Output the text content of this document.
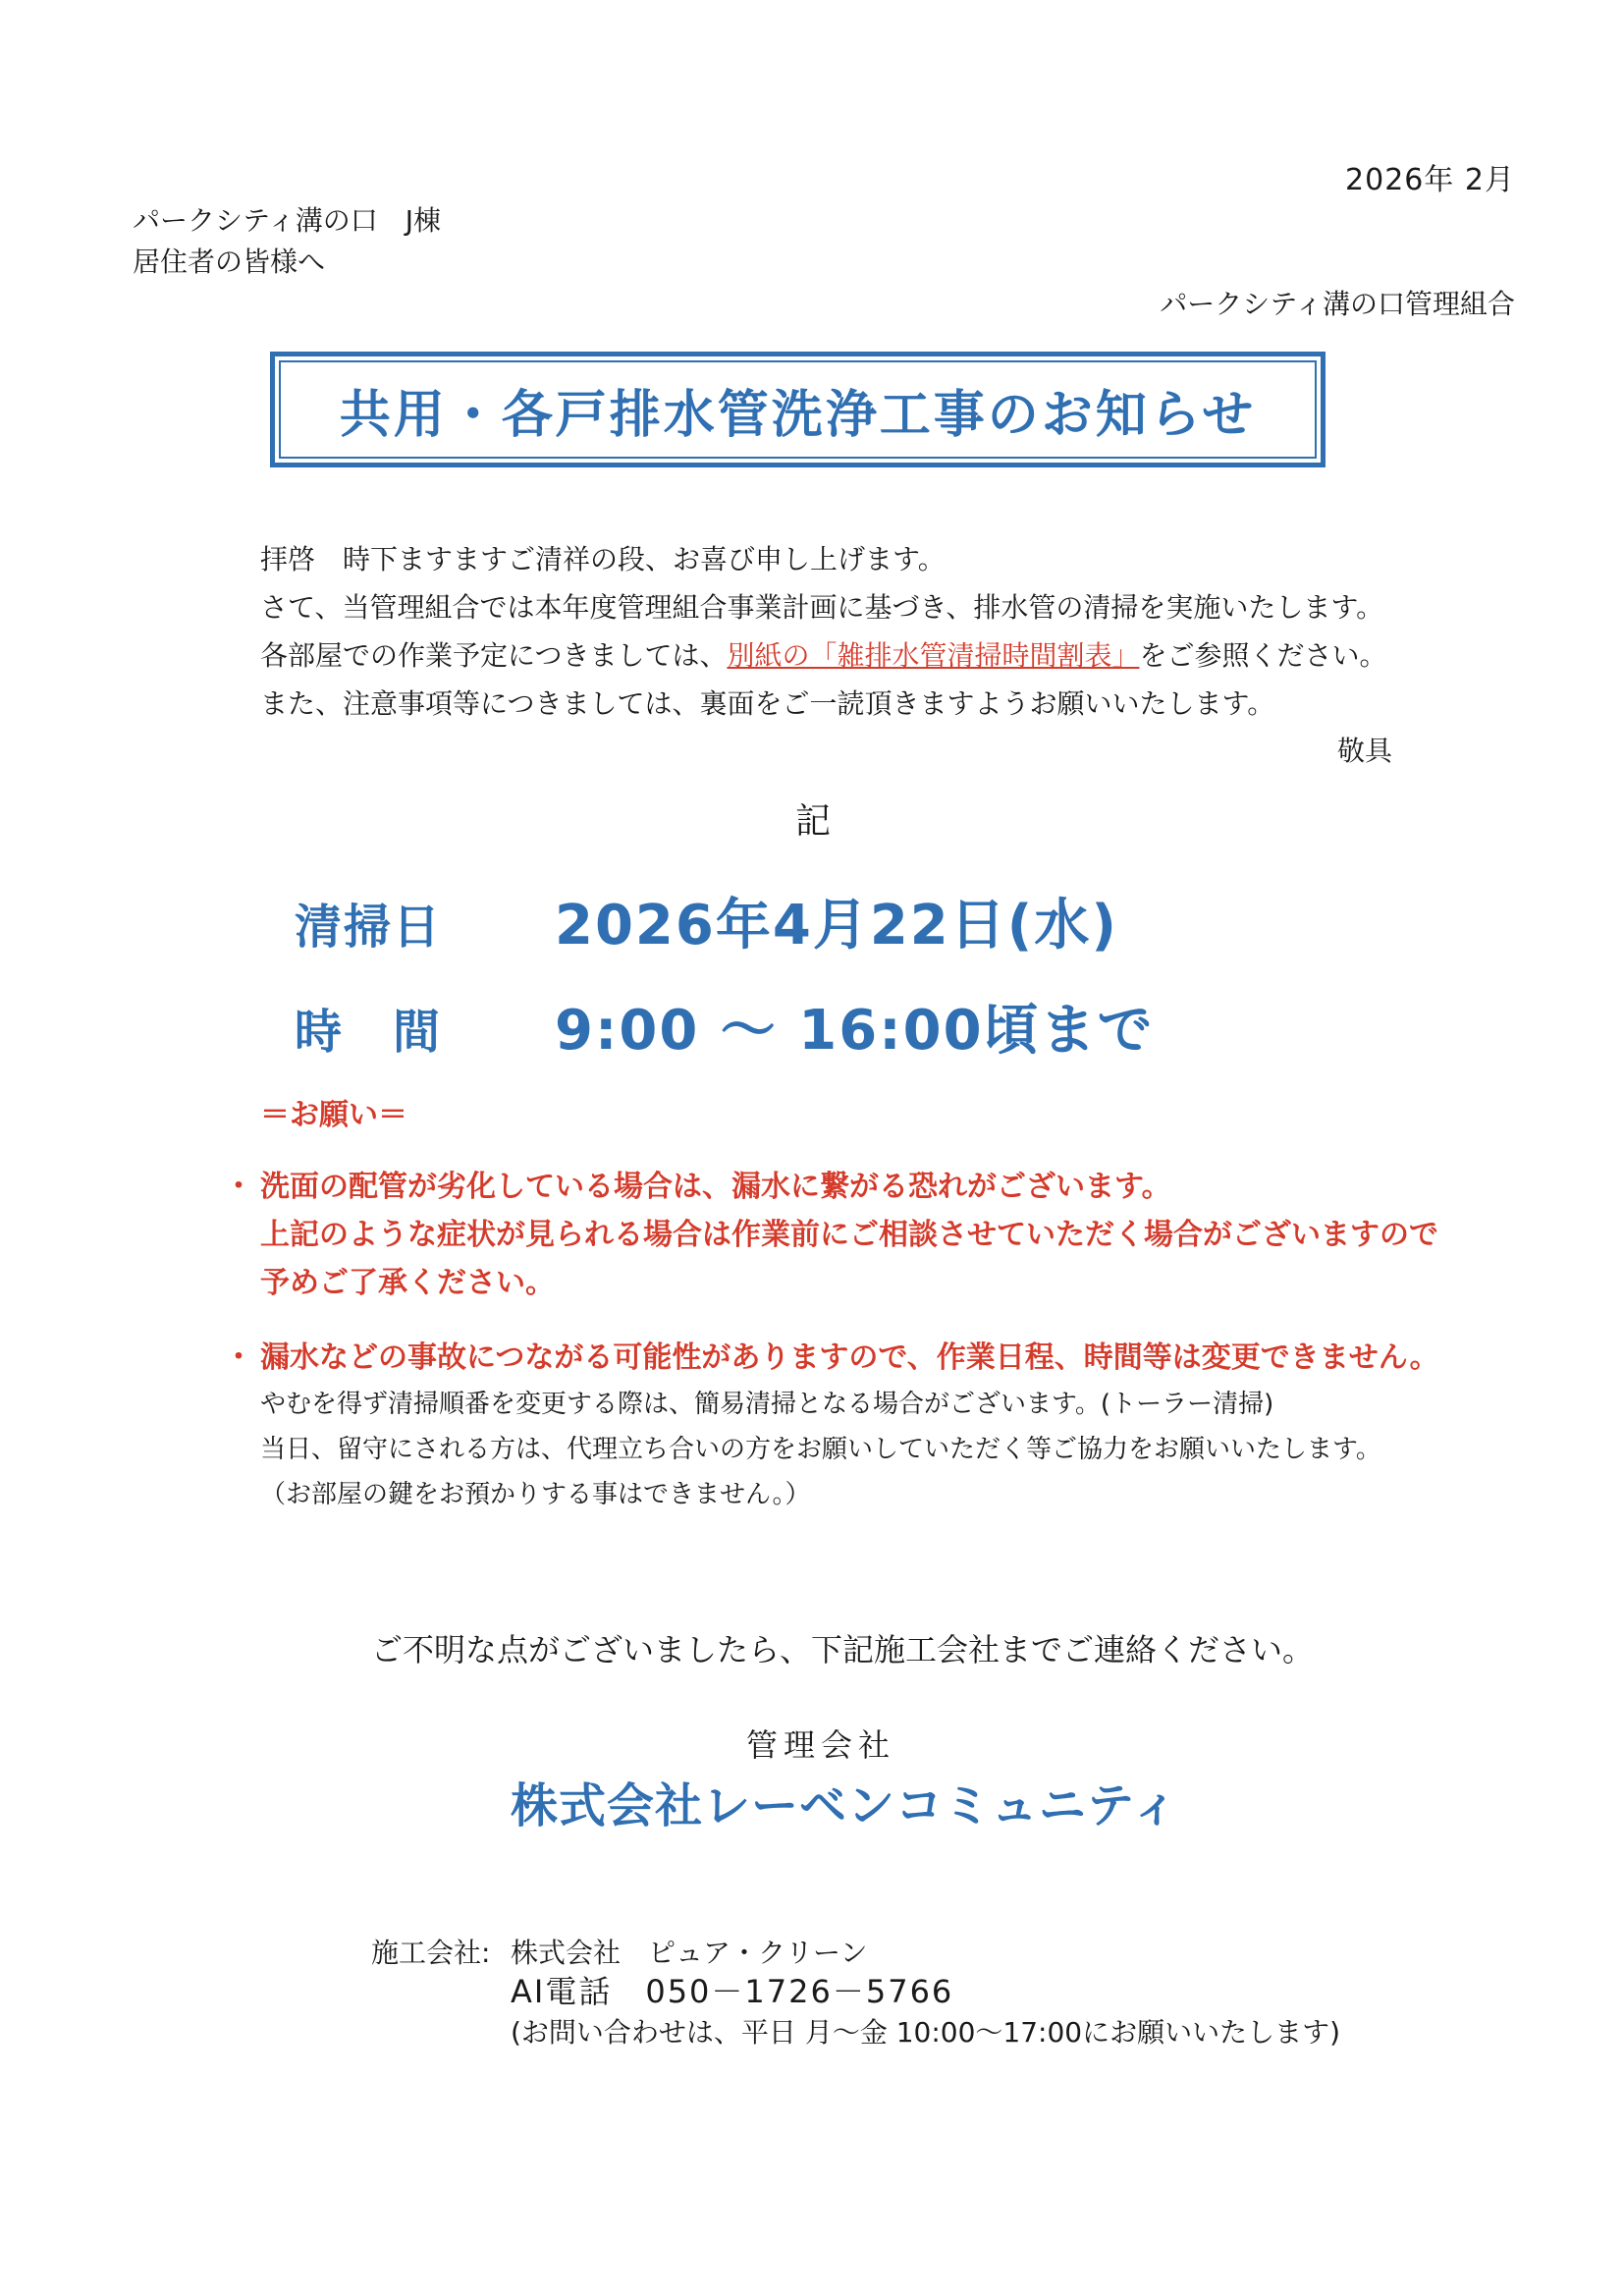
2026年 2月
パークシティ溝の口　J棟
居住者の皆様へ
パークシティ溝の口管理組合
共用・各戸排水管洗浄工事のお知らせ
拝啓　時下ますますご清祥の段、お喜び申し上げます。
さて、当管理組合では本年度管理組合事業計画に基づき、排水管の清掃を実施いたします。
各部屋での作業予定につきましては、別紙の「雑排水管清掃時間割表」をご参照ください。
また、注意事項等につきましては、裏面をご一読頂きますようお願いいたします。
敬具
記
清掃日 2026年4月22日(水)
時　間 9:00 ～ 16:00頃まで
＝お願い＝
・ 洗面の配管が劣化している場合は、漏水に繋がる恐れがございます。
上記のような症状が見られる場合は作業前にご相談させていただく場合がございますので
予めご了承ください。
・ 漏水などの事故につながる可能性がありますので、作業日程、時間等は変更できません。
やむを得ず清掃順番を変更する際は、簡易清掃となる場合がございます。(トーラー清掃)
当日、留守にされる方は、代理立ち合いの方をお願いしていただく等ご協力をお願いいたします。
（お部屋の鍵をお預かりする事はできません。）
ご不明な点がございましたら、下記施工会社までご連絡ください。
管理会社
株式会社レーベンコミュニティ
施工会社: 株式会社　ピュア・クリーン
AI電話　050－1726－5766
(お問い合わせは、平日 月～金 10:00～17:00にお願いいたします)
